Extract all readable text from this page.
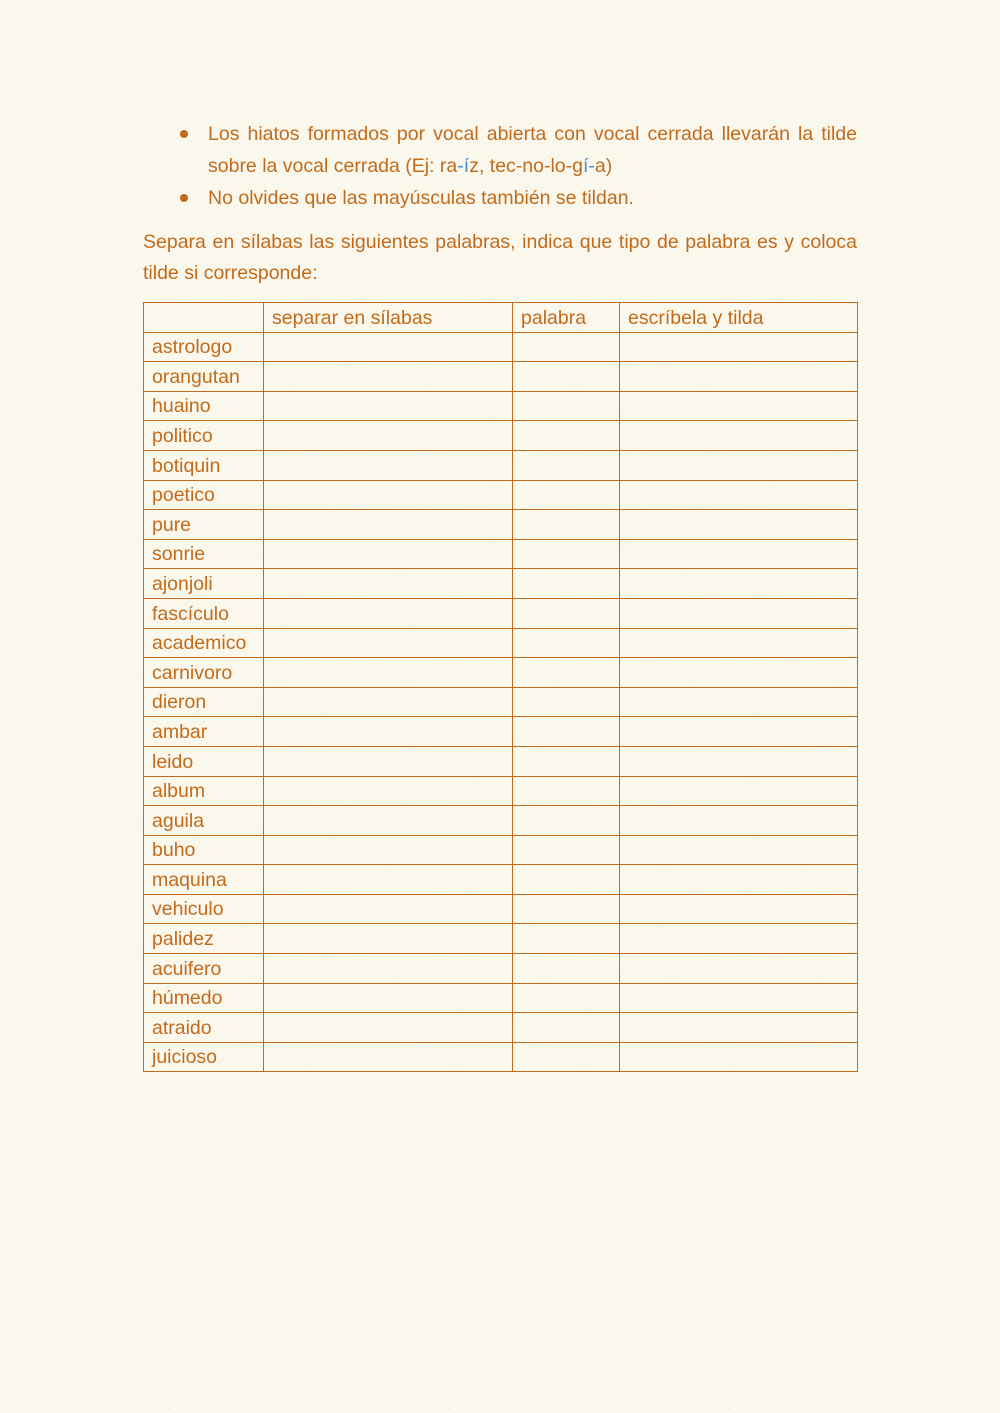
Los hiatos formados por vocal abierta con vocal cerrada llevarán la tilde sobre la vocal cerrada (Ej: ra-íz, tec-no-lo-gí-a)
No olvides que las mayúsculas también se tildan.

Separa en sílabas las siguientes palabras, indica que tipo de palabra es y coloca tilde si corresponde:

	separar en sílabas	palabra	escríbela y tilda
astrologo			
orangutan			
huaino			
politico			
botiquin			
poetico			
pure			
sonrie			
ajonjoli			
fascículo			
academico			
carnivoro			
dieron			
ambar			
leido			
album			
aguila			
buho			
maquina			
vehiculo			
palidez			
acuifero			
húmedo			
atraido			
juicioso			
